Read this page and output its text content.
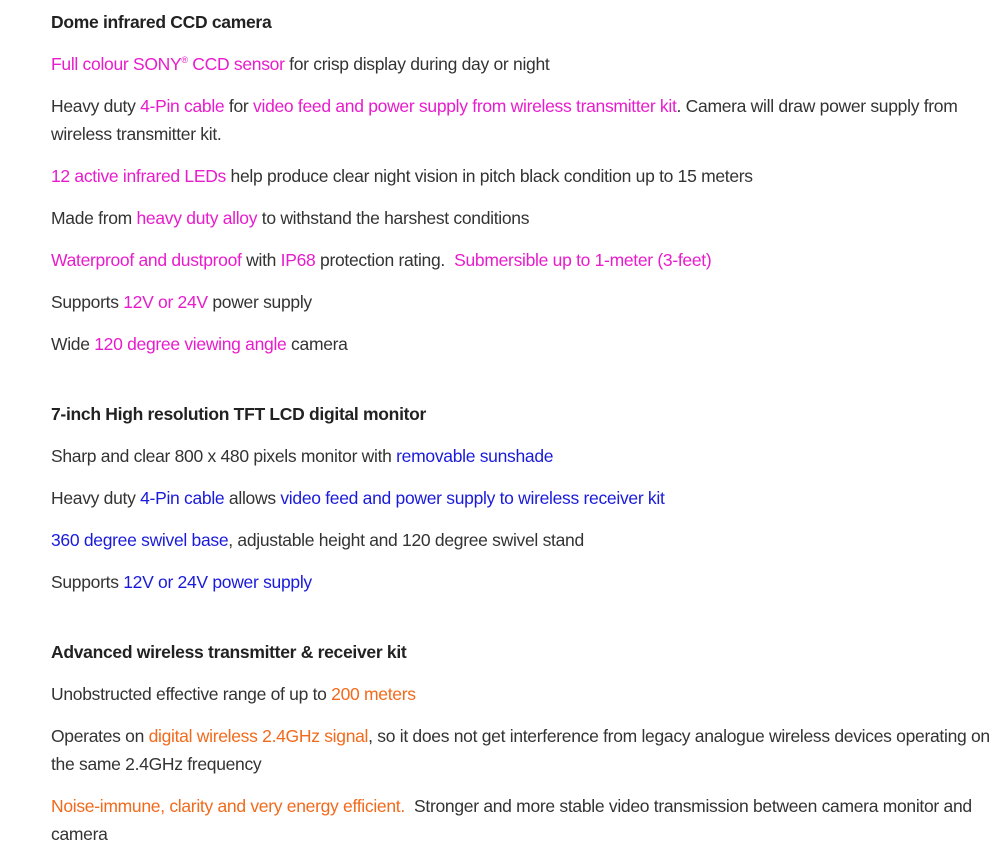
Dome infrared CCD camera

Full colour SONY® CCD sensor for crisp display during day or night

Heavy duty 4-Pin cable for video feed and power supply from wireless transmitter kit. Camera will draw power supply from wireless transmitter kit.

12 active infrared LEDs help produce clear night vision in pitch black condition up to 15 meters

Made from heavy duty alloy to withstand the harshest conditions

Waterproof and dustproof with IP68 protection rating.  Submersible up to 1-meter (3-feet)

Supports 12V or 24V power supply

Wide 120 degree viewing angle camera

7-inch High resolution TFT LCD digital monitor

Sharp and clear 800 x 480 pixels monitor with removable sunshade

Heavy duty 4-Pin cable allows video feed and power supply to wireless receiver kit

360 degree swivel base, adjustable height and 120 degree swivel stand

Supports 12V or 24V power supply

Advanced wireless transmitter & receiver kit

Unobstructed effective range of up to 200 meters

Operates on digital wireless 2.4GHz signal, so it does not get interference from legacy analogue wireless devices operating on the same 2.4GHz frequency

Noise-immune, clarity and very energy efficient.  Stronger and more stable video transmission between camera monitor and camera
